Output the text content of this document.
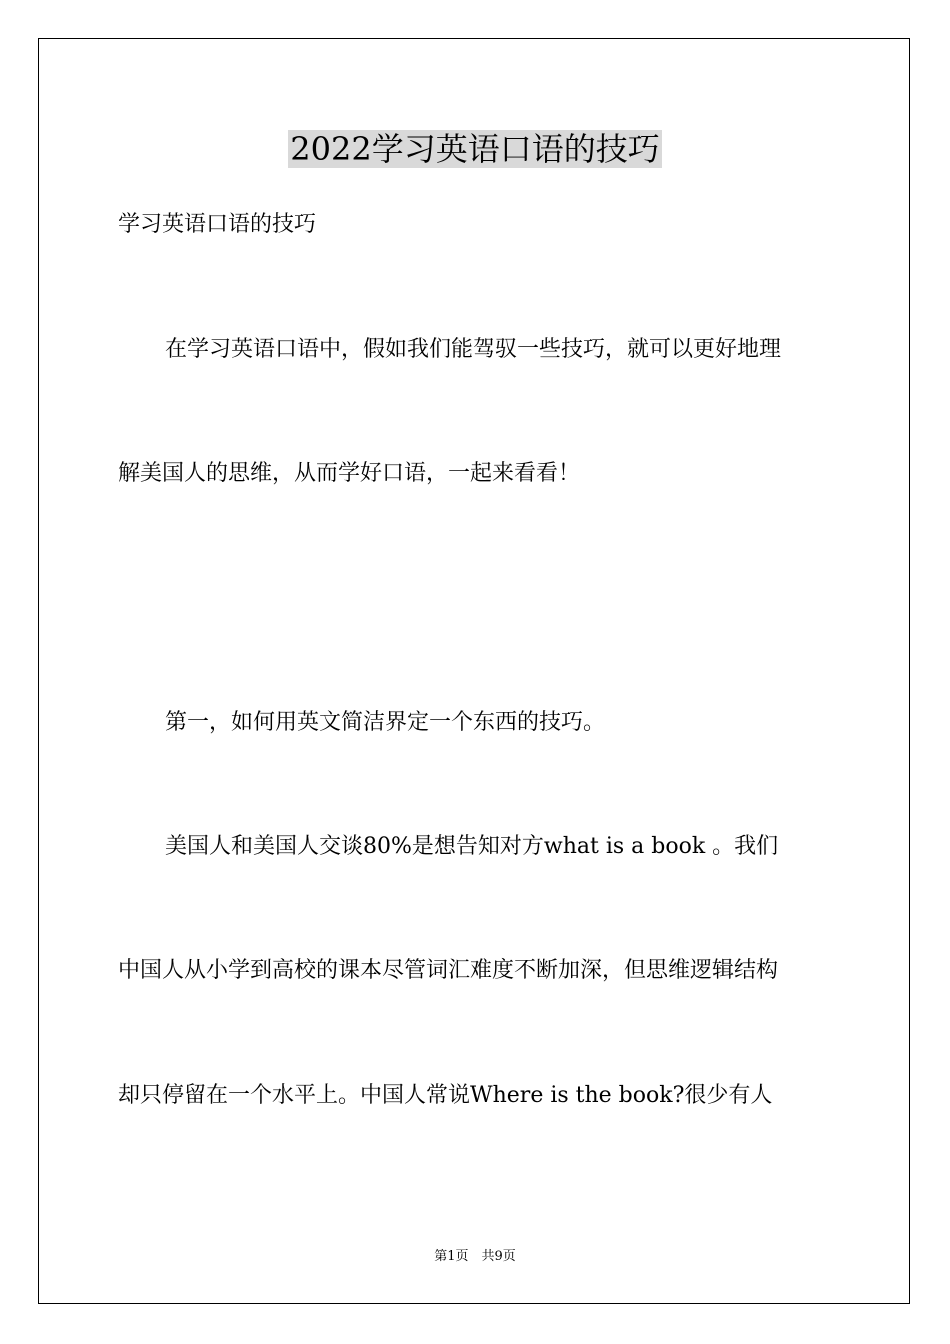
2022学习英语口语的技巧
学习英语口语的技巧
在学习英语口语中，假如我们能驾驭一些技巧，就可以更好地理
解美国人的思维，从而学好口语，一起来看看！
第一，如何用英文简洁界定一个东西的技巧。
美国人和美国人交谈80%是想告知对方what is a book 。我们
中国人从小学到高校的课本尽管词汇难度不断加深，但思维逻辑结构
却只停留在一个水平上。中国人常说Where is the book?很少有人
第1页　共9页
